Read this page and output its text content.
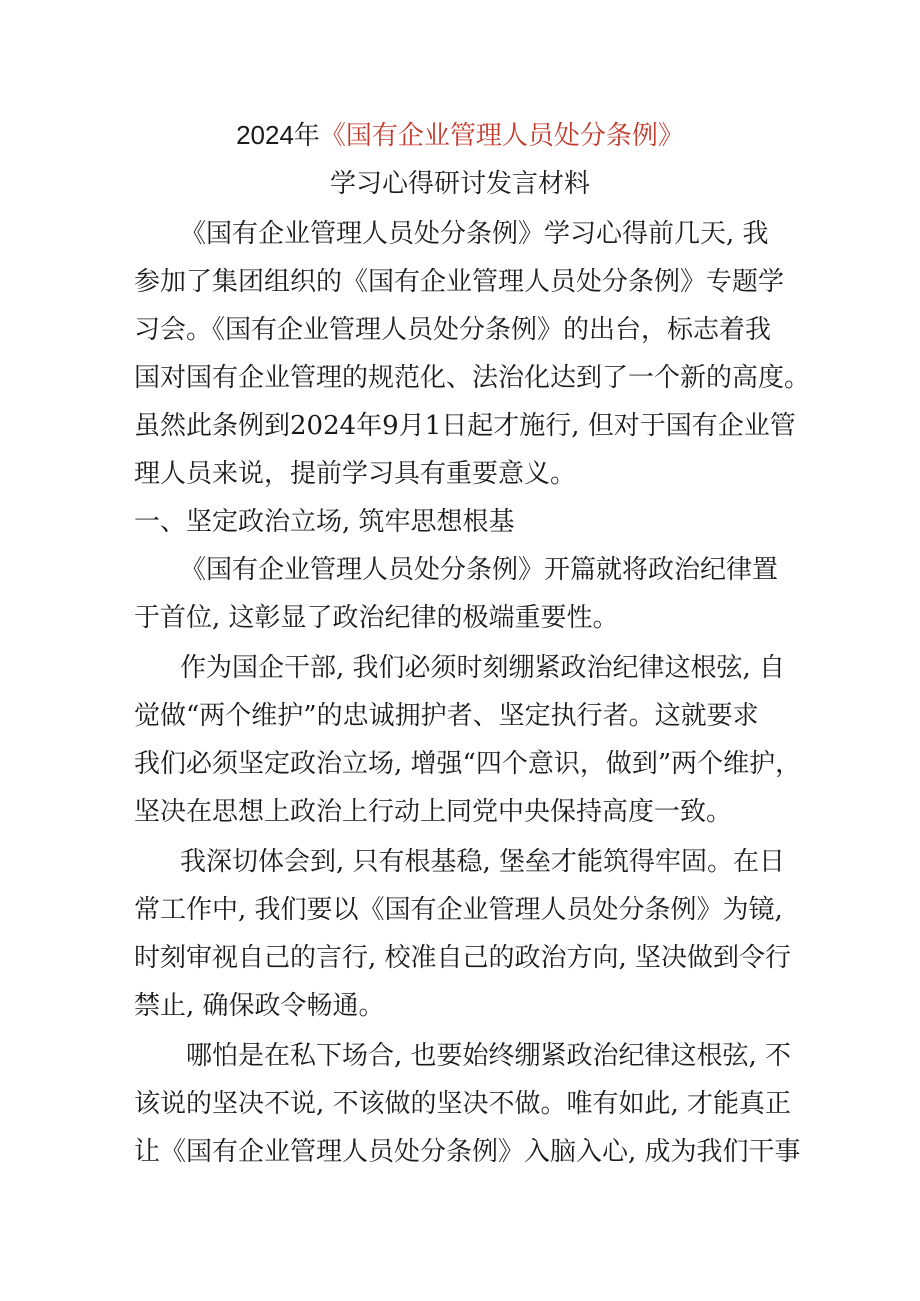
2024年《国有企业管理人员处分条例》
学习心得研讨发言材料
《国有企业管理人员处分条例》学习心得前几天, 我
参加了集团组织的《国有企业管理人员处分条例》专题学
习会。《国有企业管理人员处分条例》的出台，标志着我
国对国有企业管理的规范化、法治化达到了一个新的高度。
虽然此条例到2024年9月1日起才施行, 但对于国有企业管
理人员来说，提前学习具有重要意义。
一、坚定政治立场, 筑牢思想根基
《国有企业管理人员处分条例》开篇就将政治纪律置
于首位, 这彰显了政治纪律的极端重要性。
作为国企干部, 我们必须时刻绷紧政治纪律这根弦, 自
觉做“两个维护”的忠诚拥护者、坚定执行者。这就要求
我们必须坚定政治立场, 增强“四个意识，做到”两个维护，
坚决在思想上政治上行动上同党中央保持高度一致。
我深切体会到, 只有根基稳, 堡垒才能筑得牢固。在日
常工作中, 我们要以《国有企业管理人员处分条例》为镜,
时刻审视自己的言行, 校准自己的政治方向, 坚决做到令行
禁止, 确保政令畅通。
哪怕是在私下场合, 也要始终绷紧政治纪律这根弦, 不
该说的坚决不说, 不该做的坚决不做。唯有如此, 才能真正
让《国有企业管理人员处分条例》入脑入心, 成为我们干事
